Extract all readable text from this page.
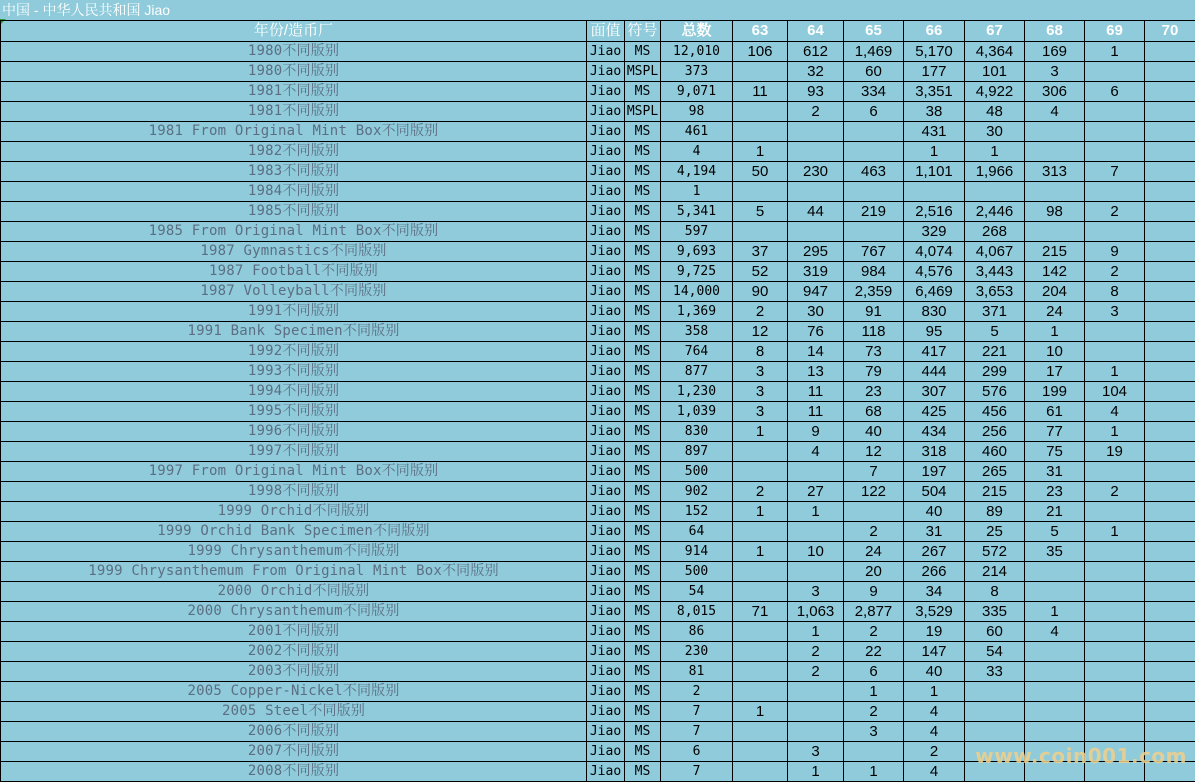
中国 - 中华人民共和国 Jiao
年份/造币厂	面值	符号	总数	63	64	65	66	67	68	69	70
1980不同版别	Jiao	MS	12,010	106	612	1,469	5,170	4,364	169	1	
1980不同版别	Jiao	MSPL	373		32	60	177	101	3		
1981不同版别	Jiao	MS	9,071	11	93	334	3,351	4,922	306	6	
1981不同版别	Jiao	MSPL	98		2	6	38	48	4		
1981 From Original Mint Box不同版别	Jiao	MS	461				431	30			
1982不同版别	Jiao	MS	4	1			1	1			
1983不同版别	Jiao	MS	4,194	50	230	463	1,101	1,966	313	7	
1984不同版别	Jiao	MS	1								
1985不同版别	Jiao	MS	5,341	5	44	219	2,516	2,446	98	2	
1985 From Original Mint Box不同版别	Jiao	MS	597				329	268			
1987 Gymnastics不同版别	Jiao	MS	9,693	37	295	767	4,074	4,067	215	9	
1987 Football不同版别	Jiao	MS	9,725	52	319	984	4,576	3,443	142	2	
1987 Volleyball不同版别	Jiao	MS	14,000	90	947	2,359	6,469	3,653	204	8	
1991不同版别	Jiao	MS	1,369	2	30	91	830	371	24	3	
1991 Bank Specimen不同版别	Jiao	MS	358	12	76	118	95	5	1		
1992不同版别	Jiao	MS	764	8	14	73	417	221	10		
1993不同版别	Jiao	MS	877	3	13	79	444	299	17	1	
1994不同版别	Jiao	MS	1,230	3	11	23	307	576	199	104	
1995不同版别	Jiao	MS	1,039	3	11	68	425	456	61	4	
1996不同版别	Jiao	MS	830	1	9	40	434	256	77	1	
1997不同版别	Jiao	MS	897		4	12	318	460	75	19	
1997 From Original Mint Box不同版别	Jiao	MS	500			7	197	265	31		
1998不同版别	Jiao	MS	902	2	27	122	504	215	23	2	
1999 Orchid不同版别	Jiao	MS	152	1	1		40	89	21		
1999 Orchid Bank Specimen不同版别	Jiao	MS	64			2	31	25	5	1	
1999 Chrysanthemum不同版别	Jiao	MS	914	1	10	24	267	572	35		
1999 Chrysanthemum From Original Mint Box不同版别	Jiao	MS	500			20	266	214			
2000 Orchid不同版别	Jiao	MS	54		3	9	34	8			
2000 Chrysanthemum不同版别	Jiao	MS	8,015	71	1,063	2,877	3,529	335	1		
2001不同版别	Jiao	MS	86		1	2	19	60	4		
2002不同版别	Jiao	MS	230		2	22	147	54			
2003不同版别	Jiao	MS	81		2	6	40	33			
2005 Copper-Nickel不同版别	Jiao	MS	2			1	1				
2005 Steel不同版别	Jiao	MS	7	1		2	4				
2006不同版别	Jiao	MS	7			3	4				
2007不同版别	Jiao	MS	6		3		2				
2008不同版别	Jiao	MS	7		1	1	4				
www.coin001.com
